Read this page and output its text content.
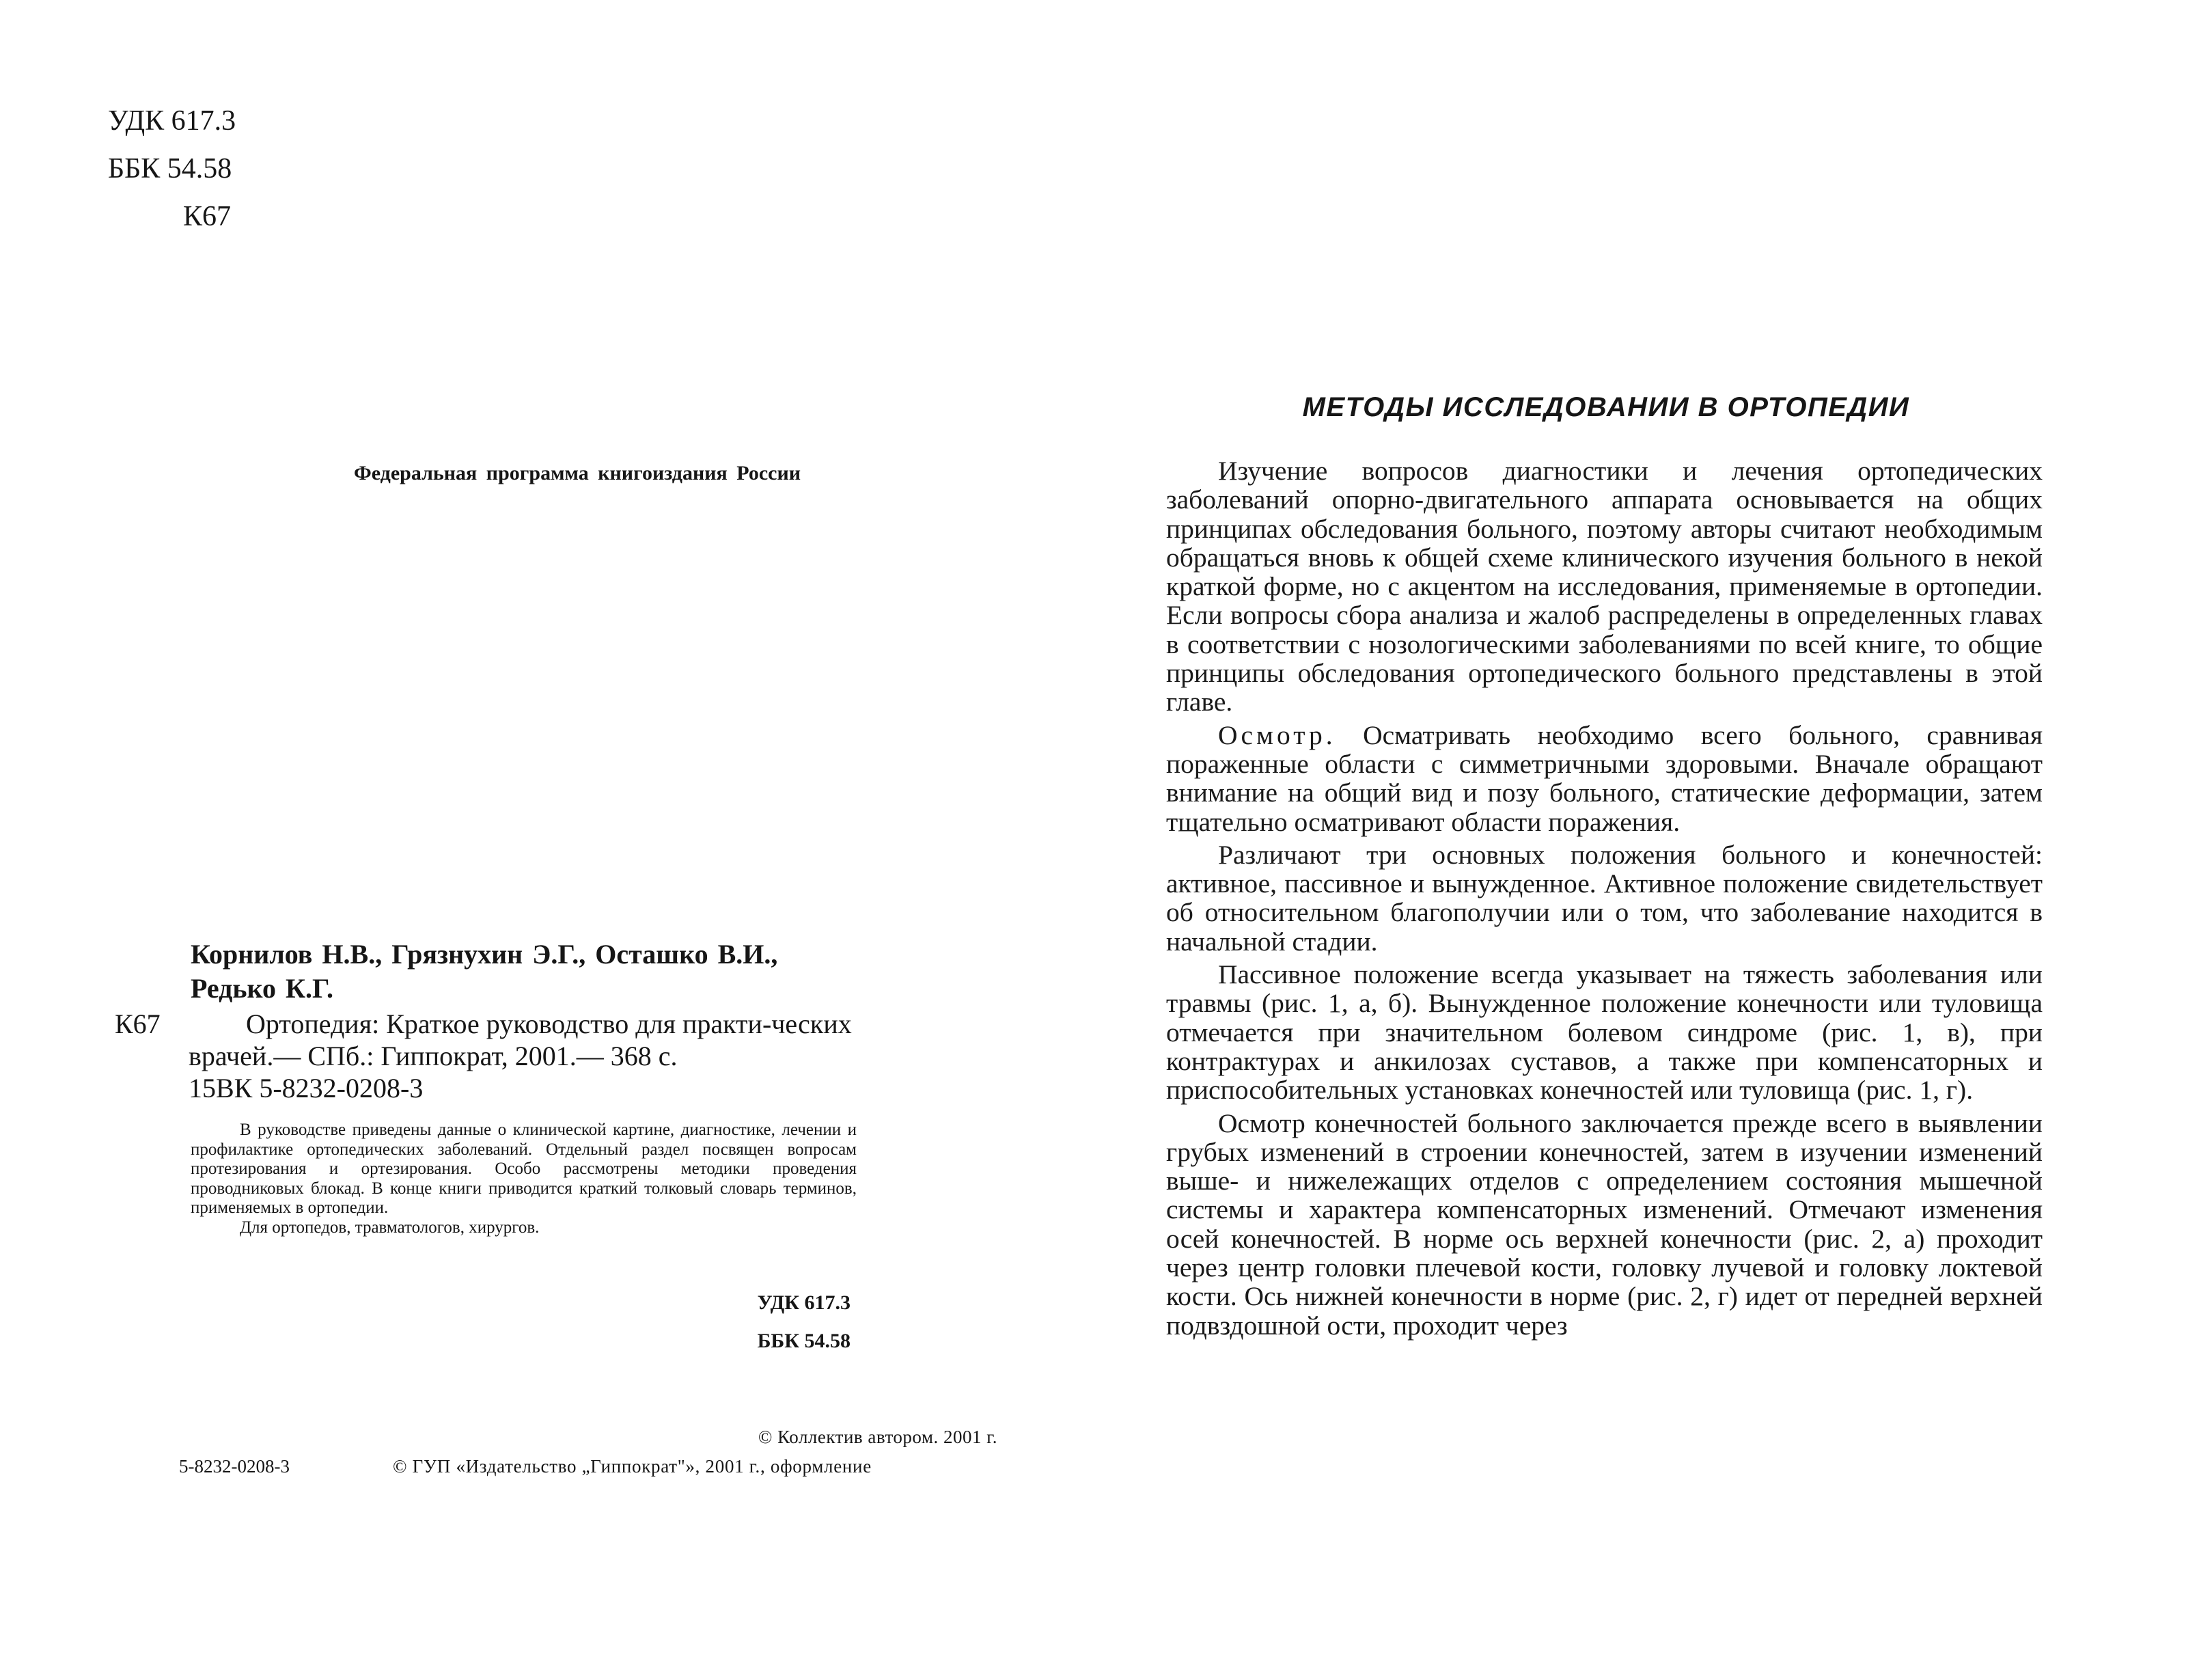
УДК 617.3
ББК 54.58
К67
Федеральная программа книгоиздания России
Корнилов Н.В., Грязнухин Э.Г., Осташко В.И., Редько К.Г.
К67	Ортопедия: Краткое руководство для практи-ческих врачей.— СПб.: Гиппократ, 2001.— 368 с.
15ВК 5-8232-0208-3

В руководстве приведены данные о клинической картине, диагностике, лечении и профилактике ортопедических заболеваний. Отдельный раздел посвящен вопросам протезирования и ортезирования. Особо рассмотрены методики проведения проводниковых блокад. В конце книги приводится краткий толковый словарь терминов, применяемых в ортопедии.

Для ортопедов, травматологов, хирургов.

УДК 617.3
ББК 54.58
© Коллектив автором. 2001 г.
5-8232-0208-3	© ГУП «Издательство „Гиппократ"», 2001 г., оформление
МЕТОДЫ ИССЛЕДОВАНИИ В ОРТОПЕДИИ

Изучение вопросов диагностики и лечения ортопедических заболеваний опорно-двигательного аппарата основывается на общих принципах обследования больного, поэтому авторы считают необходимым обращаться вновь к общей схеме клинического изучения больного в некой краткой форме, но с акцентом на исследования, применяемые в ортопедии. Если вопросы сбора анализа и жалоб распределены в определенных главах в соответствии с нозологическими заболеваниями по всей книге, то общие принципы обследования ортопедического больного представлены в этой главе.

Осмотр. Осматривать необходимо всего больного, сравнивая пораженные области с симметричными здоровыми. Вначале обращают внимание на общий вид и позу больного, статические деформации, затем тщательно осматривают области поражения.

Различают три основных положения больного и конечностей: активное, пассивное и вынужденное. Активное положение свидетельствует об относительном благополучии или о том, что заболевание находится в начальной стадии.

Пассивное положение всегда указывает на тяжесть заболевания или травмы (рис. 1, а, б). Вынужденное положение конечности или туловища отмечается при значительном болевом синдроме (рис. 1, в), при контрактурах и анкилозах суставов, а также при компенсаторных и приспособительных установках конечностей или туловища (рис. 1, г).

Осмотр конечностей больного заключается прежде всего в выявлении грубых изменений в строении конечностей, затем в изучении изменений выше- и нижележащих отделов с определением состояния мышечной системы и характера компенсаторных изменений. Отмечают изменения осей конечностей. В норме ось верхней конечности (рис. 2, а) проходит через центр головки плечевой кости, головку лучевой и головку локтевой кости. Ось нижней конечности в норме (рис. 2, г) идет от передней верхней подвздошной ости, проходит через
